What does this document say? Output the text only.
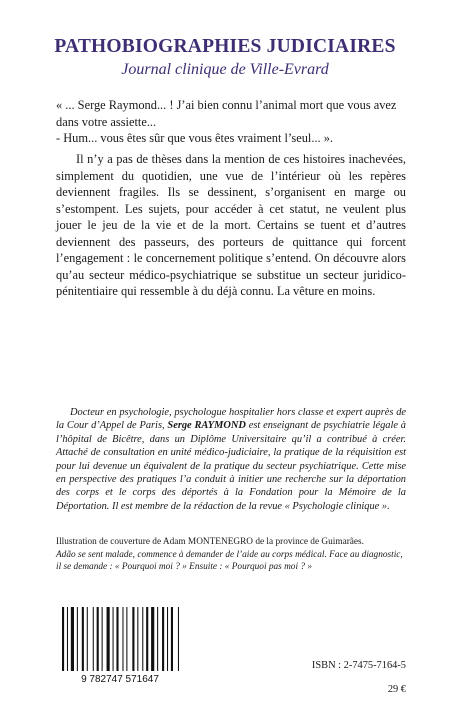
PATHOBIOGRAPHIES JUDICIAIRES
Journal clinique de Ville-Evrard

« ... Serge Raymond... ! J’ai bien connu l’animal mort que vous avez dans votre assiette...

- Hum... vous êtes sûr que vous êtes vraiment l’seul... ».

Il n’y a pas de thèses dans la mention de ces histoires inachevées, simplement du quotidien, une vue de l’intérieur où les repères deviennent fragiles. Ils se dessinent, s’organisent en marge ou s’estompent. Les sujets, pour accéder à cet statut, ne veulent plus jouer le jeu de la vie et de la mort. Certains se tuent et d’autres deviennent des passeurs, des porteurs de quittance qui forcent l’engagement : le concernement politique s’entend. On découvre alors qu’au secteur médico-psychiatrique se substitue un secteur juridico-pénitentiaire qui ressemble à du déjà connu. La vêture en moins.

Docteur en psychologie, psychologue hospitalier hors classe et expert auprès de la Cour d’Appel de Paris, Serge RAYMOND est enseignant de psychiatrie légale à l’hôpital de Bicêtre, dans un Diplôme Universitaire qu’il a contribué à créer. Attaché de consultation en unité médico-judiciaire, la pratique de la réquisition est pour lui devenue un équivalent de la pratique du secteur psychiatrique. Cette mise en perspective des pratiques l’a conduit à initier une recherche sur la déportation des corps et le corps des déportés à la Fondation pour la Mémoire de la Déportation. Il est membre de la rédaction de la revue « Psychologie clinique ».

Illustration de couverture de Adam MONTENEGRO de la province de Guimarães.
Adão se sent malade, commence à demander de l’aide au corps médical. Face au diagnostic, il se demande : « Pourquoi moi ? » Ensuite : « Pourquoi pas moi ? »

9 782747 571647
ISBN : 2-7475-7164-5
29 €
